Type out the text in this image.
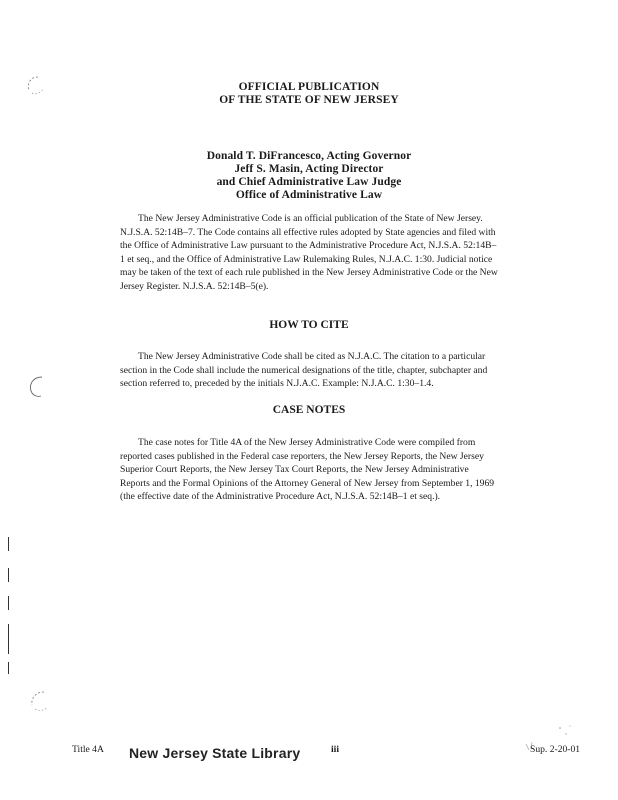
OFFICIAL PUBLICATION
OF THE STATE OF NEW JERSEY
Donald T. DiFrancesco, Acting Governor
Jeff S. Masin, Acting Director
and Chief Administrative Law Judge
Office of Administrative Law
The New Jersey Administrative Code is an official publication of the State of New Jersey.
N.J.S.A. 52:14B–7. The Code contains all effective rules adopted by State agencies and filed with
the Office of Administrative Law pursuant to the Administrative Procedure Act, N.J.S.A. 52:14B–
1 et seq., and the Office of Administrative Law Rulemaking Rules, N.J.A.C. 1:30. Judicial notice
may be taken of the text of each rule published in the New Jersey Administrative Code or the New
Jersey Register. N.J.S.A. 52:14B–5(e).
HOW TO CITE
The New Jersey Administrative Code shall be cited as N.J.A.C. The citation to a particular
section in the Code shall include the numerical designations of the title, chapter, subchapter and
section referred to, preceded by the initials N.J.A.C. Example: N.J.A.C. 1:30–1.4.
CASE NOTES
The case notes for Title 4A of the New Jersey Administrative Code were compiled from
reported cases published in the Federal case reporters, the New Jersey Reports, the New Jersey
Superior Court Reports, the New Jersey Tax Court Reports, the New Jersey Administrative
Reports and the Formal Opinions of the Attorney General of New Jersey from September 1, 1969
(the effective date of the Administrative Procedure Act, N.J.S.A. 52:14B–1 et seq.).
Title 4A New Jersey State Library	iii	Sup. 2-20-01
